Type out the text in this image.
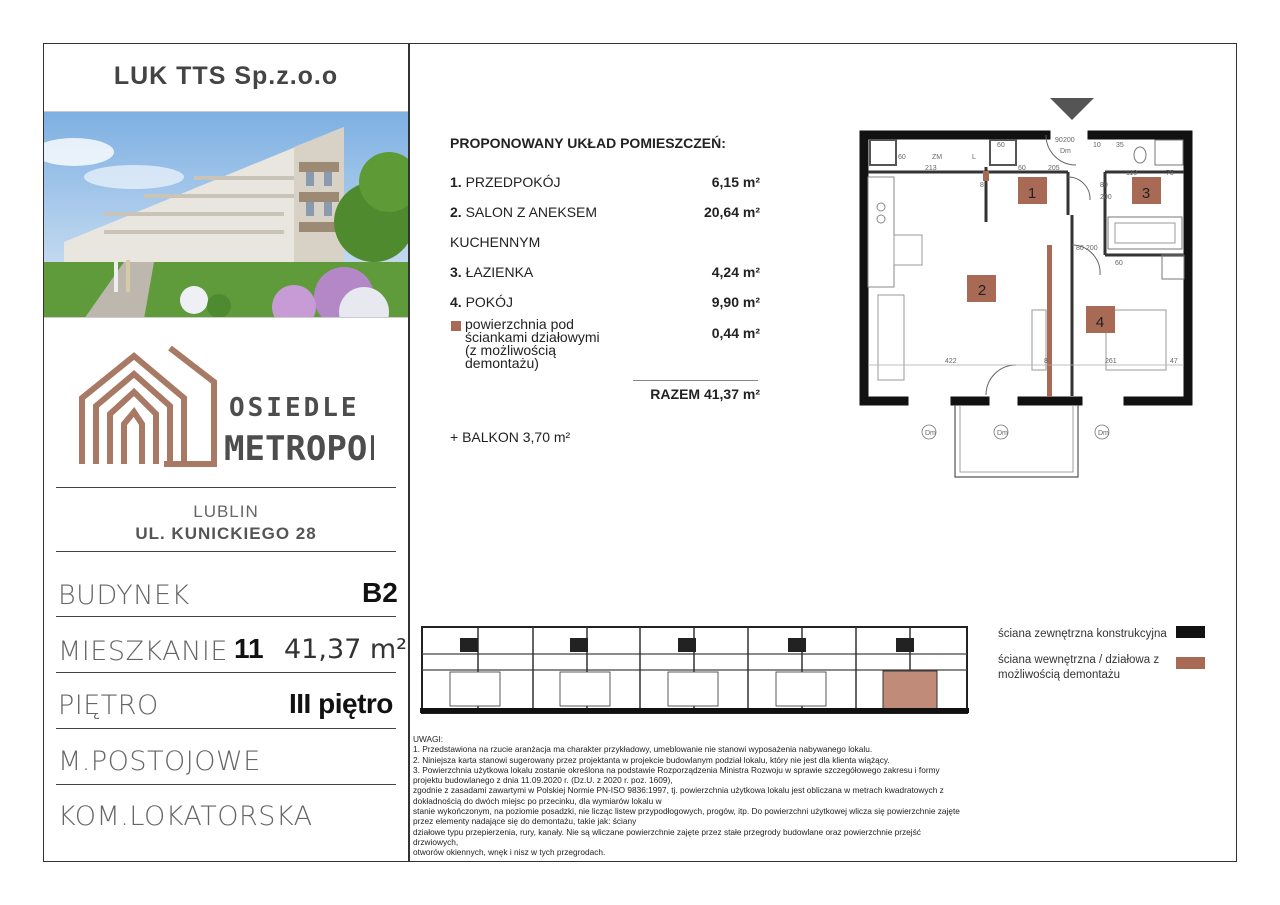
LUK TTS Sp.z.o.o
OSIEDLE
METROPOL
LUBLIN
UL. KUNICKIEGO 28
BUDYNEK	B2
MIESZKANIE 11 41,37 m²
PIĘTRO	III piętro
M.POSTOJOWE
KOM.LOKATORSKA
PROPONOWANY UKŁAD POMIESZCZEŃ:
1. PRZEDPOKÓJ	6,15 m²
2. SALON Z ANEKSEM	20,64 m²
KUCHENNYM
3. ŁAZIENKA	4,24 m²
4. POKÓJ	9,90 m²
powierzchnia pod
ściankami działowymi
(z możliwością
demontażu)
0,44 m²
RAZEM 41,37 m²
+ BALKON 3,70 m²
1
2
3
4
60	ZM	L
60
213
8
60	205
10
110	75
80
200
80 200
60
422	8	261	47
90 200
Dm
Dm	Dm	Dm
35
ściana zewnętrzna konstrukcyjna
ściana wewnętrzna / działowa z
możliwością demontażu
UWAGI:
1. Przedstawiona na rzucie aranżacja ma charakter przykładowy, umeblowanie nie stanowi wyposażenia nabywanego lokalu.
2. Niniejsza karta stanowi sugerowany przez projektanta w projekcie budowlanym podział lokalu, który nie jest dla klienta wiążący.
3. Powierzchnia użytkowa lokalu zostanie określona na podstawie Rozporządzenia Ministra Rozwoju w sprawie szczegółowego zakresu i formy
projektu budowlanego z dnia 11.09.2020 r. (Dz.U. z 2020 r. poz. 1609),
zgodnie z zasadami zawartymi w Polskiej Normie PN-ISO 9836:1997, tj. powierzchnia użytkowa lokalu jest obliczana w metrach kwadratowych z
dokładnością do dwóch miejsc po przecinku, dla wymiarów lokalu w
stanie wykończonym, na poziomie posadzki, nie licząc listew przypodłogowych, progów, itp. Do powierzchni użytkowej wlicza się powierzchnie zajęte
przez elementy nadające się do demontażu, takie jak: ściany
działowe typu przepierzenia, rury, kanały. Nie są wliczane powierzchnie zajęte przez stałe przegrody budowlane oraz powierzchnie przejść drzwiowych,
otworów okiennych, wnęk i nisz w tych przegrodach.
